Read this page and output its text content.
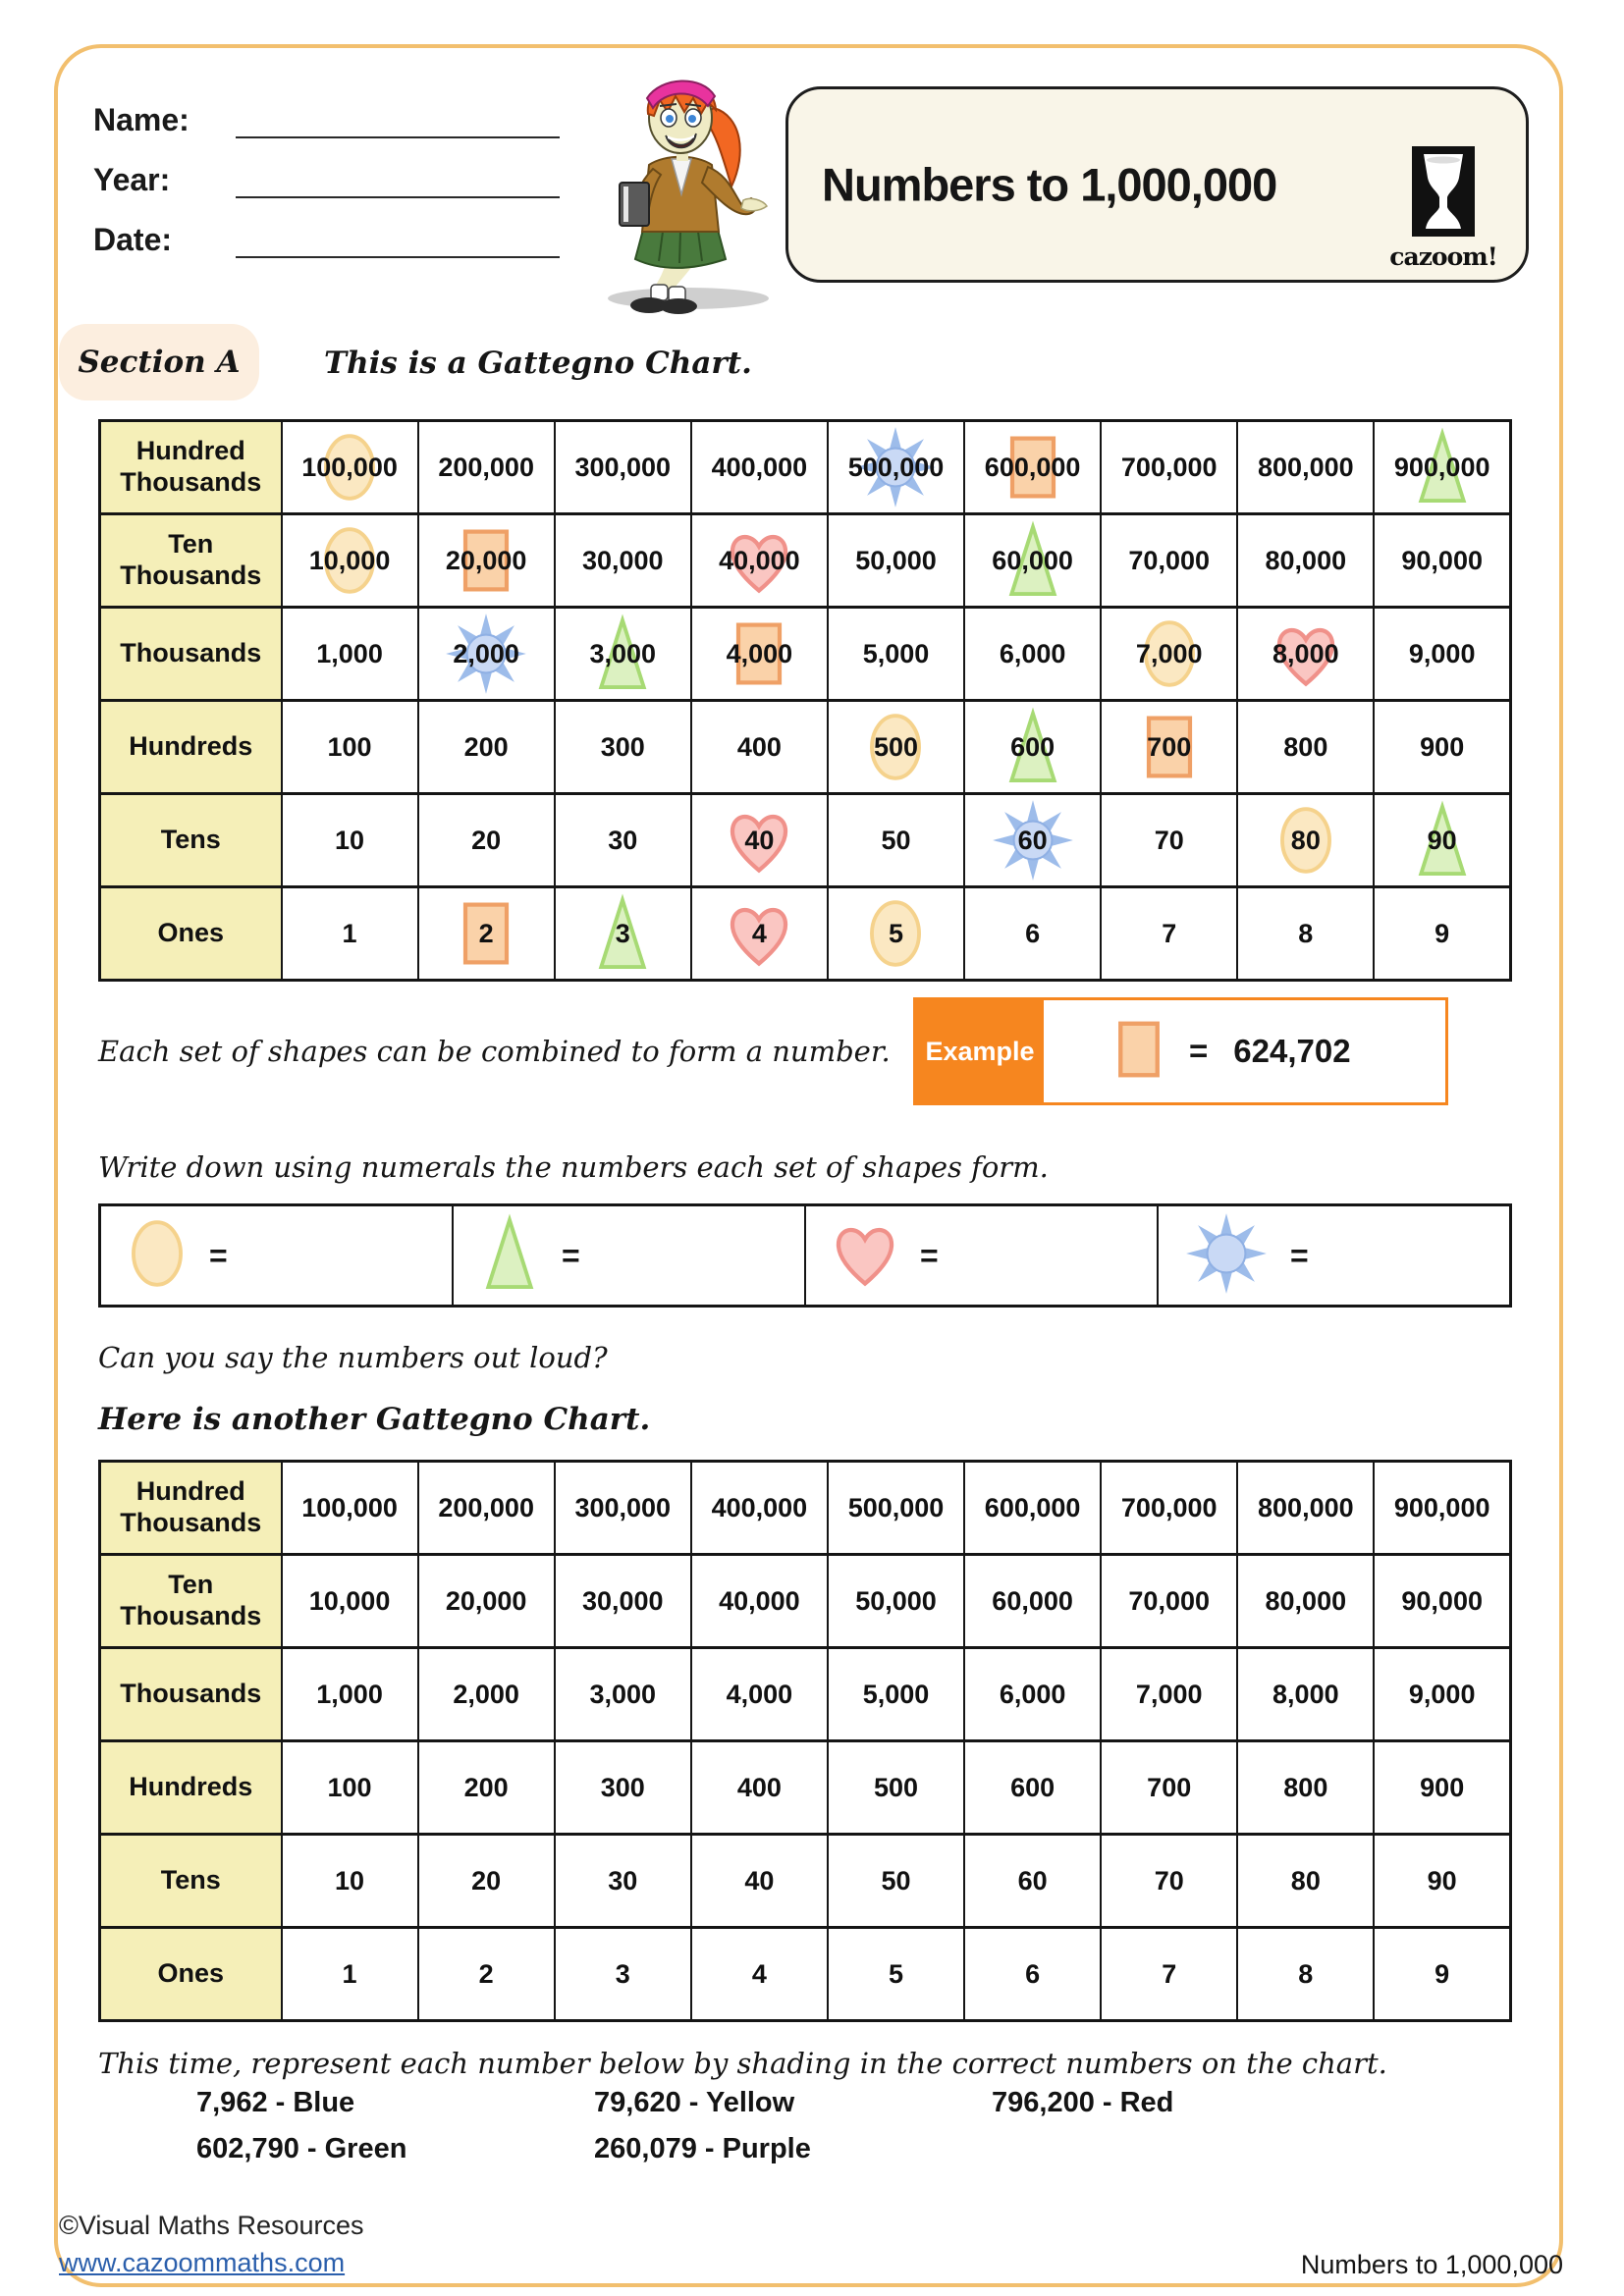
Name:
Year:
Date:
Numbers to 1,000,000
cazoom!
Section A	This is a Gattegno Chart.
Hundred Thousands	100,000	200,000	300,000	400,000	500,000	600,000	700,000	800,000	900,000
Ten Thousands	10,000	20,000	30,000	40,000	50,000	60,000	70,000	80,000	90,000
Thousands	1,000	2,000	3,000	4,000	5,000	6,000	7,000	8,000	9,000
Hundreds	100	200	300	400	500	600	700	800	900
Tens	10	20	30	40	50	60	70	80	90
Ones	1	2	3	4	5	6	7	8	9
Each set of shapes can be combined to form a number.	Example	= 624,702
Write down using numerals the numbers each set of shapes form.
=	=	=	=
Can you say the numbers out loud?
Here is another Gattegno Chart.
Hundred Thousands	100,000	200,000	300,000	400,000	500,000	600,000	700,000	800,000	900,000
Ten Thousands	10,000	20,000	30,000	40,000	50,000	60,000	70,000	80,000	90,000
Thousands	1,000	2,000	3,000	4,000	5,000	6,000	7,000	8,000	9,000
Hundreds	100	200	300	400	500	600	700	800	900
Tens	10	20	30	40	50	60	70	80	90
Ones	1	2	3	4	5	6	7	8	9
This time, represent each number below by shading in the correct numbers on the chart.
7,962 - Blue	79,620 - Yellow	796,200 - Red
602,790 - Green	260,079 - Purple
©Visual Maths Resources
www.cazoommaths.com	Numbers to 1,000,000
